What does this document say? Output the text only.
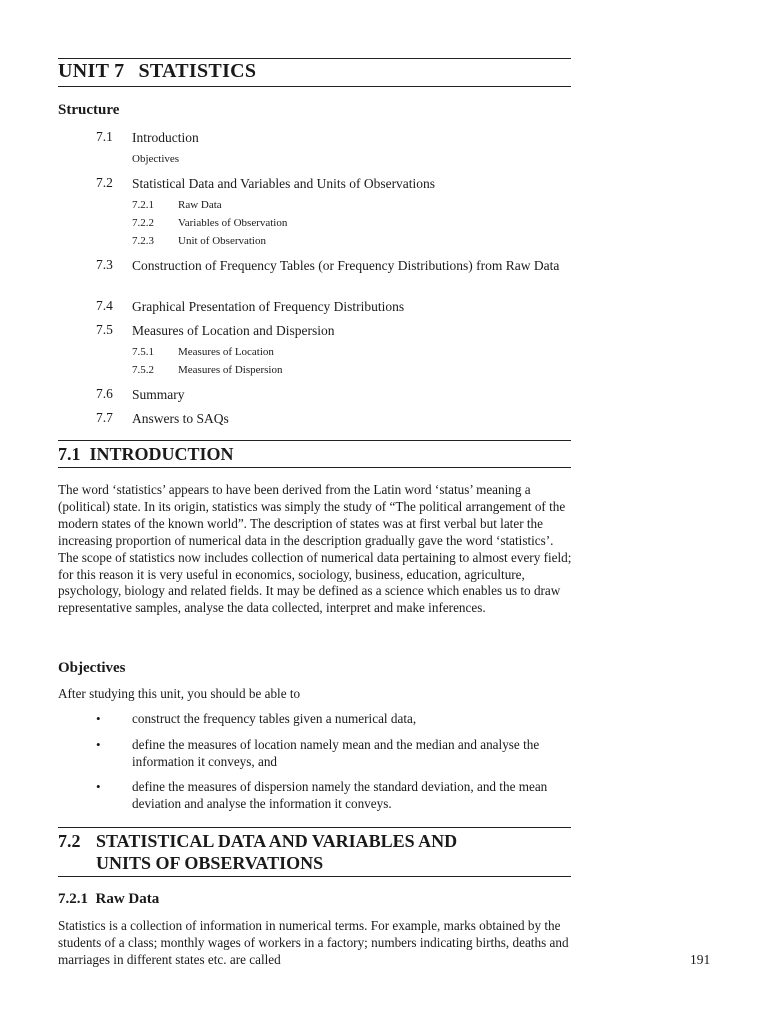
UNIT 7 STATISTICS
Structure
7.1 Introduction
Objectives
7.2 Statistical Data and Variables and Units of Observations
7.2.1 Raw Data
7.2.2 Variables of Observation
7.2.3 Unit of Observation
7.3 Construction of Frequency Tables (or Frequency Distributions) from Raw Data
7.4 Graphical Presentation of Frequency Distributions
7.5 Measures of Location and Dispersion
7.5.1 Measures of Location
7.5.2 Measures of Dispersion
7.6 Summary
7.7 Answers to SAQs
7.1  INTRODUCTION
The word ‘statistics’ appears to have been derived from the Latin word ‘status’ meaning a (political) state. In its origin, statistics was simply the study of “The political arrangement of the modern states of the known world”. The description of states was at first verbal but later the increasing proportion of numerical data in the description gradually gave the word ‘statistics’. The scope of statistics now includes collection of numerical data pertaining to almost every field; for this reason it is very useful in economics, sociology, business, education, agriculture, psychology, biology and related fields. It may be defined as a science which enables us to draw representative samples, analyse the data collected, interpret and make inferences.
Objectives
After studying this unit, you should be able to
• construct the frequency tables given a numerical data,
• define the measures of location namely mean and the median and analyse the information it conveys, and
• define the measures of dispersion namely the standard deviation, and the mean deviation and analyse the information it conveys.
7.2 STATISTICAL DATA AND VARIABLES AND
UNITS OF OBSERVATIONS
7.2.1  Raw Data
Statistics is a collection of information in numerical terms. For example, marks obtained by the students of a class; monthly wages of workers in a factory; numbers indicating births, deaths and marriages in different states etc. are called	191
